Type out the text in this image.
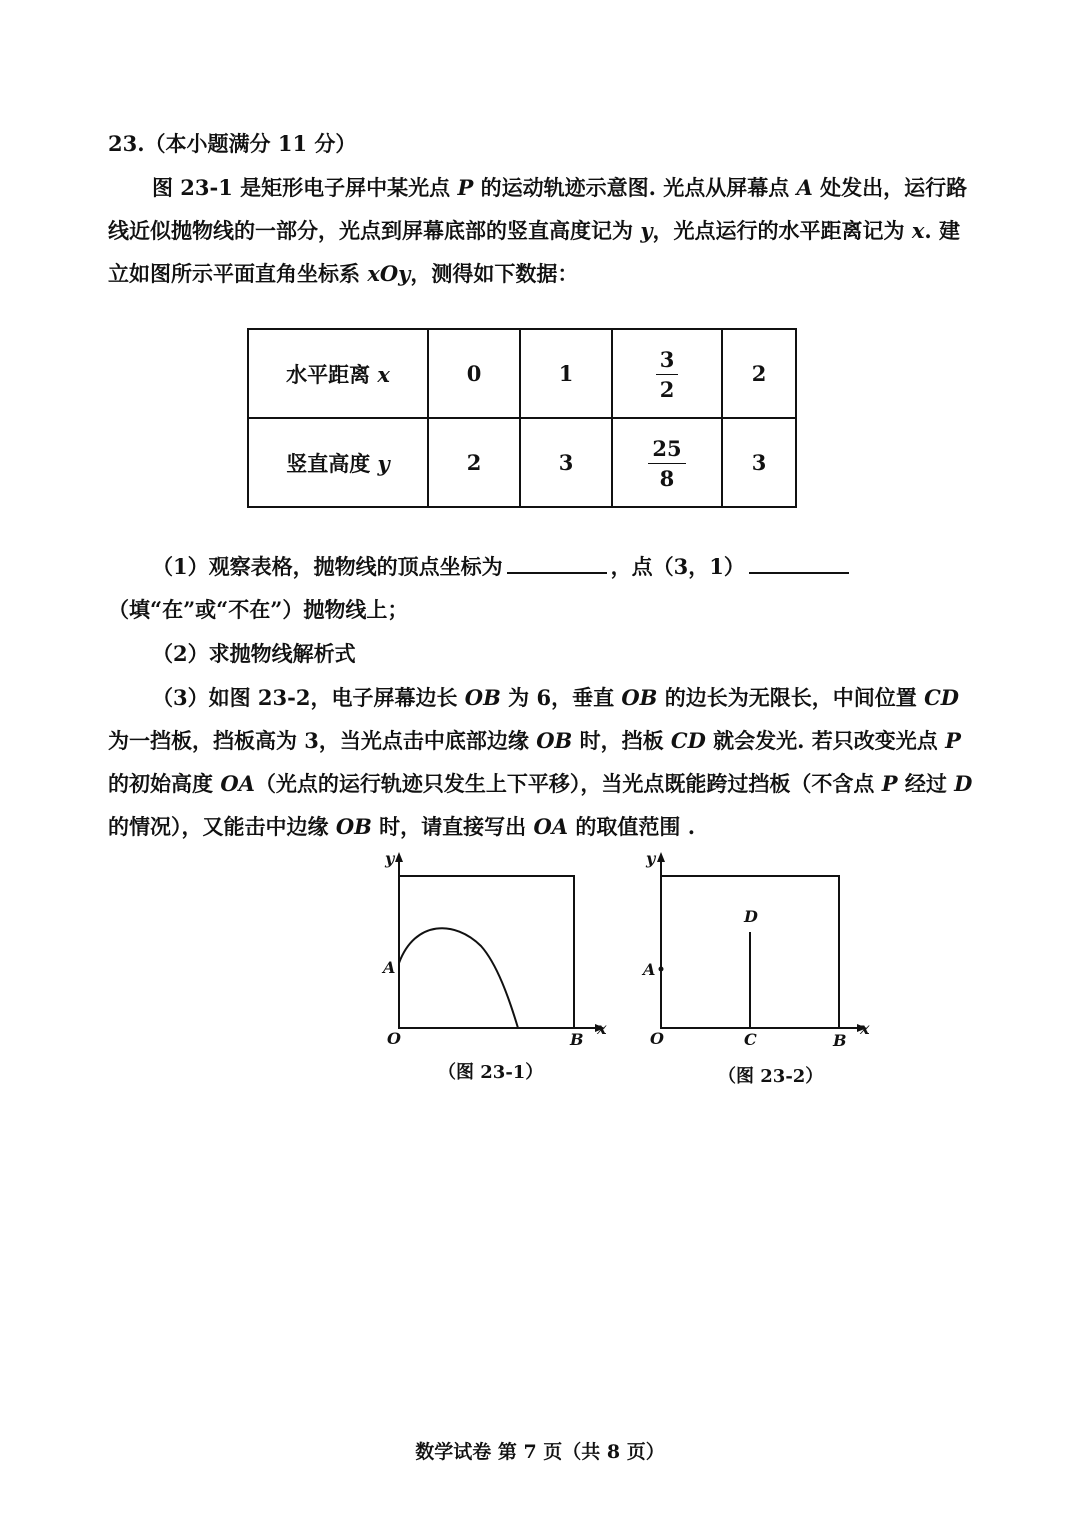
23.（本小题满分 11 分）
图 23-1 是矩形电子屏中某光点 P 的运动轨迹示意图. 光点从屏幕点 A 处发出，运行路线近似抛物线的一部分，光点到屏幕底部的竖直高度记为 y，光点运行的水平距离记为 x. 建立如图所示平面直角坐标系 xOy，测得如下数据：
水平距离 x	0	1	$\frac{3}{2}$	2
竖直高度 y	2	3	$\frac{25}{8}$	3
（1）观察表格，抛物线的顶点坐标为	，点（3，1）（填“在”或“不在”）抛物线上；
（2）求抛物线解析式
（3）如图 23-2，电子屏幕边长 OB 为 6，垂直 OB 的边长为无限长，中间位置 CD 为一挡板，挡板高为 3，当光点击中底部边缘 OB 时，挡板 CD 就会发光. 若只改变光点 P 的初始高度 OA（光点的运行轨迹只发生上下平移），当光点既能跨过挡板（不含点 P 经过 D 的情况），又能击中边缘 OB 时，请直接写出 OA 的取值范围 .
y
x
O
A
B
（图 23-1）
y
x
O
A
D
C	B
（图 23-2）
数学试卷 第 7 页（共 8 页）
